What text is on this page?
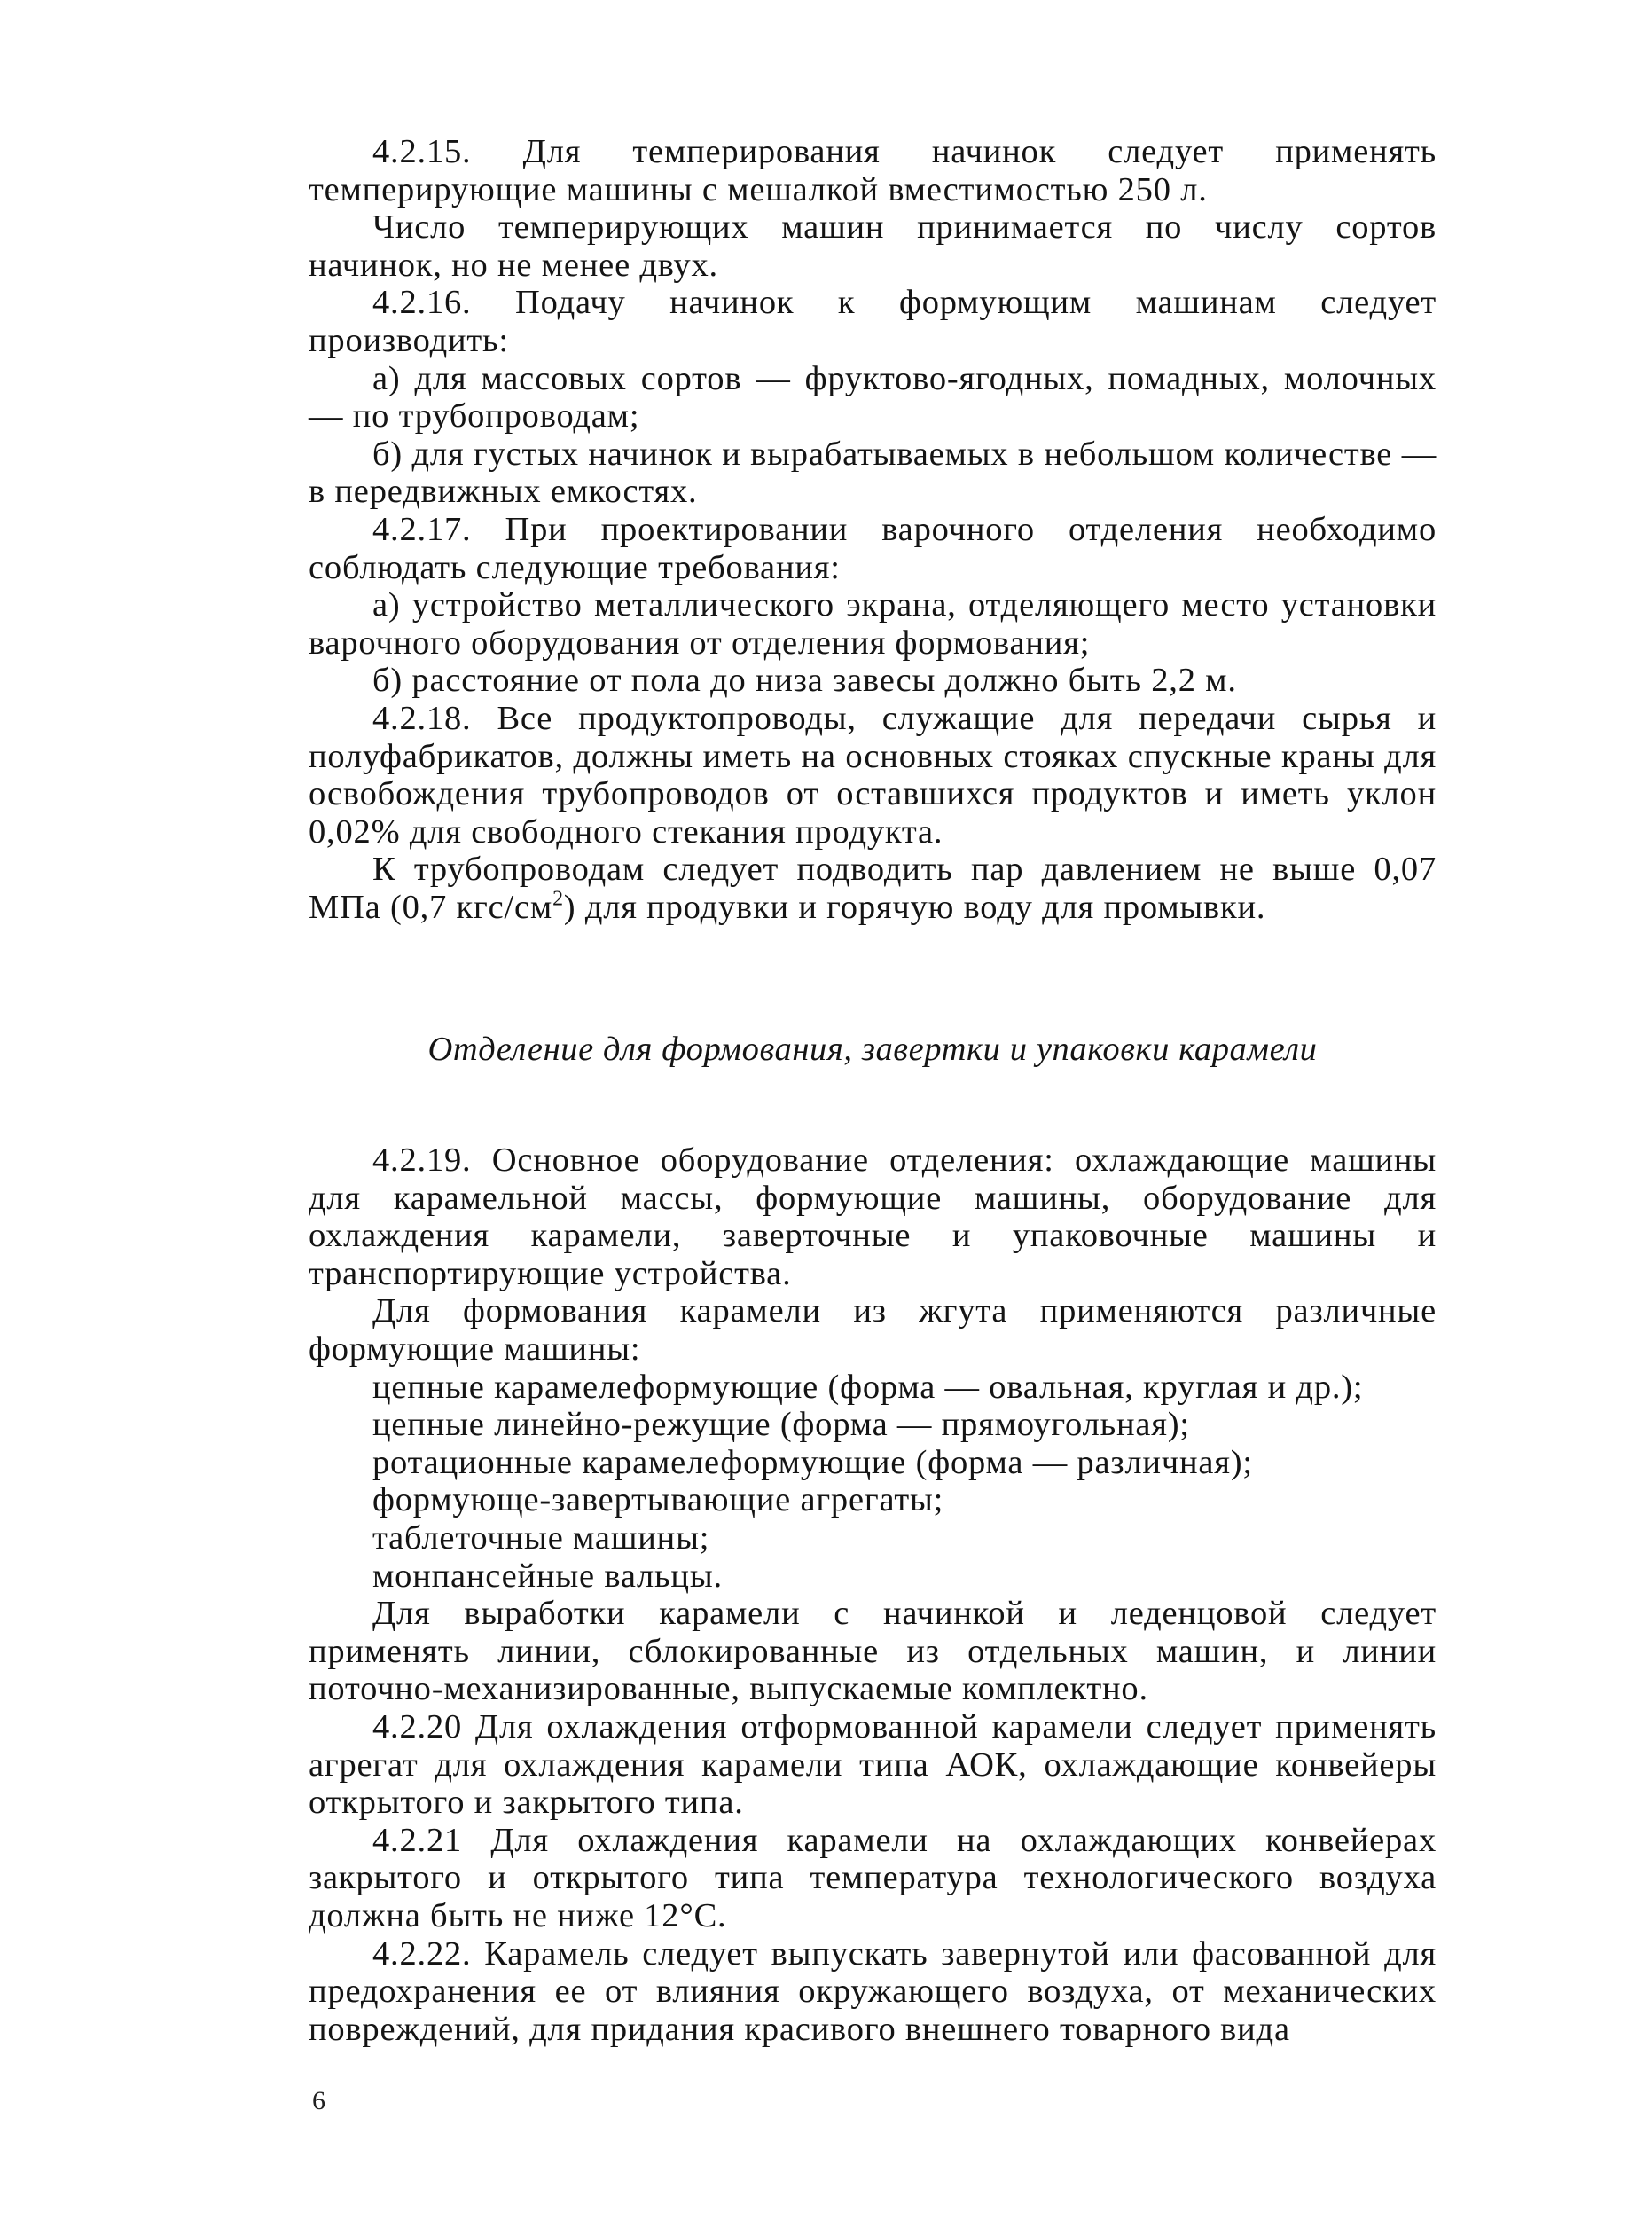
4.2.15. Для темперирования начинок следует применять темперирующие машины с мешалкой вместимостью 250 л.

Число темперирующих машин принимается по числу сортов начинок, но не менее двух.

4.2.16. Подачу начинок к формующим машинам следует производить:

а) для массовых сортов — фруктово-ягодных, помадных, молочных — по трубопроводам;

б) для густых начинок и вырабатываемых в небольшом количестве — в передвижных емкостях.

4.2.17. При проектировании варочного отделения необходимо соблюдать следующие требования:

а) устройство металлического экрана, отделяющего место установки варочного оборудования от отделения формования;

б) расстояние от пола до низа завесы должно быть 2,2 м.

4.2.18. Все продуктопроводы, служащие для передачи сырья и полуфабрикатов, должны иметь на основных стояках спускные краны для освобождения трубопроводов от оставшихся продуктов и иметь уклон 0,02% для свободного стекания продукта.

К трубопроводам следует подводить пар давлением не выше 0,07 МПа (0,7 кгс/$см^2$) для продувки и горячую воду для промывки.

Отделение для формования, завертки и упаковки карамели

4.2.19. Основное оборудование отделения: охлаждающие машины для карамельной массы, формующие машины, оборудование для охлаждения карамели, заверточные и упаковочные машины и транспортирующие устройства.

Для формования карамели из жгута применяются различные формующие машины:

цепные карамелеформующие (форма — овальная, круглая и др.);

цепные линейно-режущие (форма — прямоугольная);

ротационные карамелеформующие (форма — различная);

формующе-завертывающие агрегаты;

таблеточные машины;

монпансейные вальцы.

Для выработки карамели с начинкой и леденцовой следует применять линии, сблокированные из отдельных машин, и линии поточно-механизированные, выпускаемые комплектно.

4.2.20 Для охлаждения отформованной карамели следует применять агрегат для охлаждения карамели типа АОК, охлаждающие конвейеры открытого и закрытого типа.

4.2.21 Для охлаждения карамели на охлаждающих конвейерах закрытого и открытого типа температура технологического воздуха должна быть не ниже 12°С.

4.2.22. Карамель следует выпускать завернутой или фасованной для предохранения ее от влияния окружающего воздуха, от механических повреждений, для придания красивого внешнего товарного вида

6
